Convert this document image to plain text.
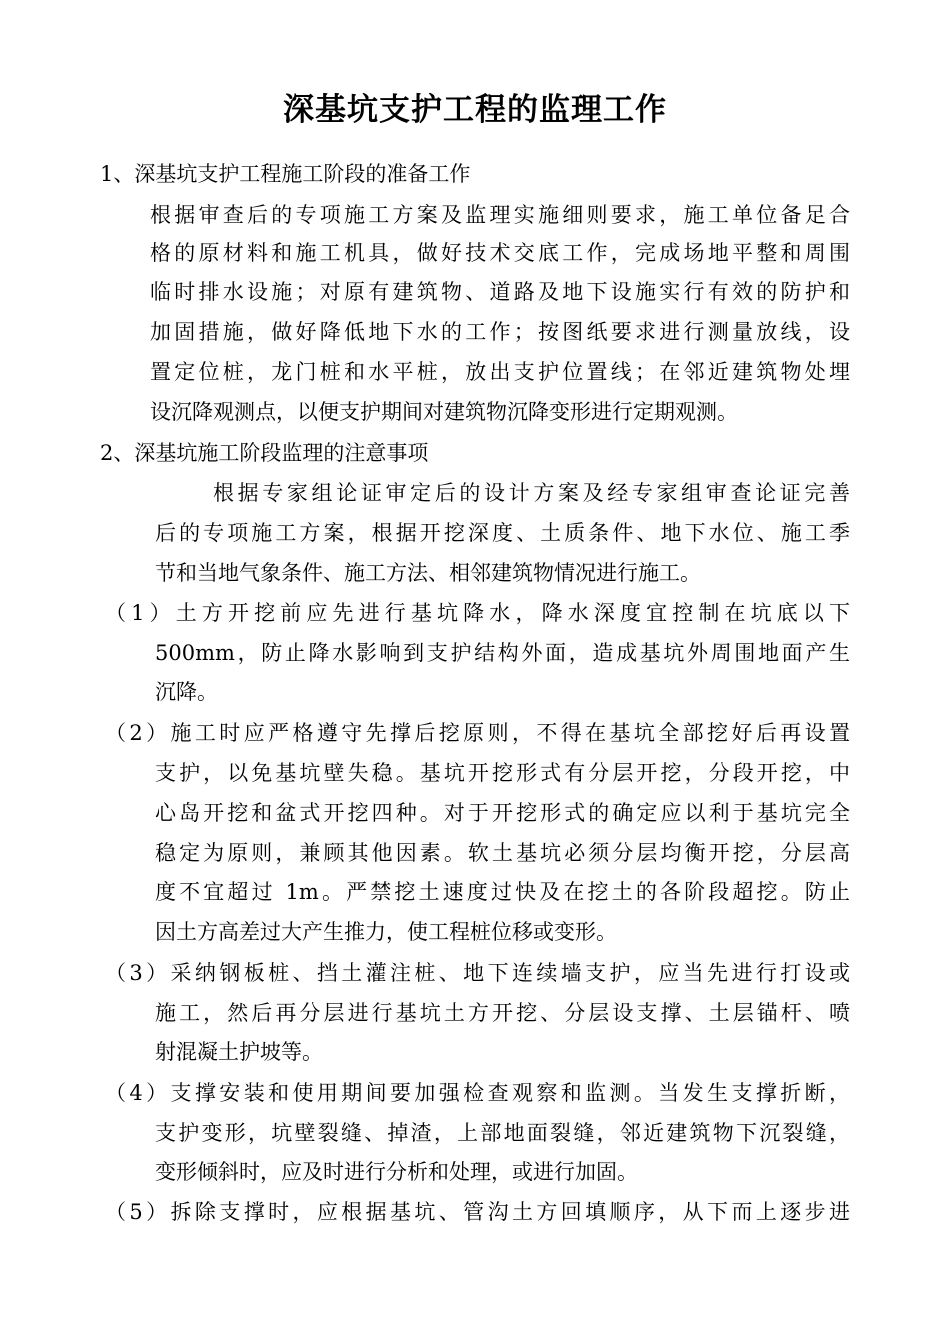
深基坑支护工程的监理工作
1、深基坑支护工程施工阶段的准备工作
根据审查后的专项施工方案及监理实施细则要求，施工单位备足合
格的原材料和施工机具，做好技术交底工作，完成场地平整和周围
临时排水设施；对原有建筑物、道路及地下设施实行有效的防护和
加固措施，做好降低地下水的工作；按图纸要求进行测量放线，设
置定位桩，龙门桩和水平桩，放出支护位置线；在邻近建筑物处埋
设沉降观测点，以便支护期间对建筑物沉降变形进行定期观测。
2、深基坑施工阶段监理的注意事项
根据专家组论证审定后的设计方案及经专家组审查论证完善
后的专项施工方案，根据开挖深度、土质条件、地下水位、施工季
节和当地气象条件、施工方法、相邻建筑物情况进行施工。
（1）土方开挖前应先进行基坑降水，降水深度宜控制在坑底以下
500mm，防止降水影响到支护结构外面，造成基坑外周围地面产生
沉降。
（2）施工时应严格遵守先撑后挖原则，不得在基坑全部挖好后再设置
支护，以免基坑壁失稳。基坑开挖形式有分层开挖，分段开挖，中
心岛开挖和盆式开挖四种。对于开挖形式的确定应以利于基坑完全
稳定为原则，兼顾其他因素。软土基坑必须分层均衡开挖，分层高
度不宜超过 1m。严禁挖土速度过快及在挖土的各阶段超挖。防止
因土方高差过大产生推力，使工程桩位移或变形。
（3）采纳钢板桩、挡土灌注桩、地下连续墙支护，应当先进行打设或
施工，然后再分层进行基坑土方开挖、分层设支撑、土层锚杆、喷
射混凝土护坡等。
（4）支撑安装和使用期间要加强检查观察和监测。当发生支撑折断，
支护变形，坑壁裂缝、掉渣，上部地面裂缝，邻近建筑物下沉裂缝，
变形倾斜时，应及时进行分析和处理，或进行加固。
（5）拆除支撑时，应根据基坑、管沟土方回填顺序，从下而上逐步进
